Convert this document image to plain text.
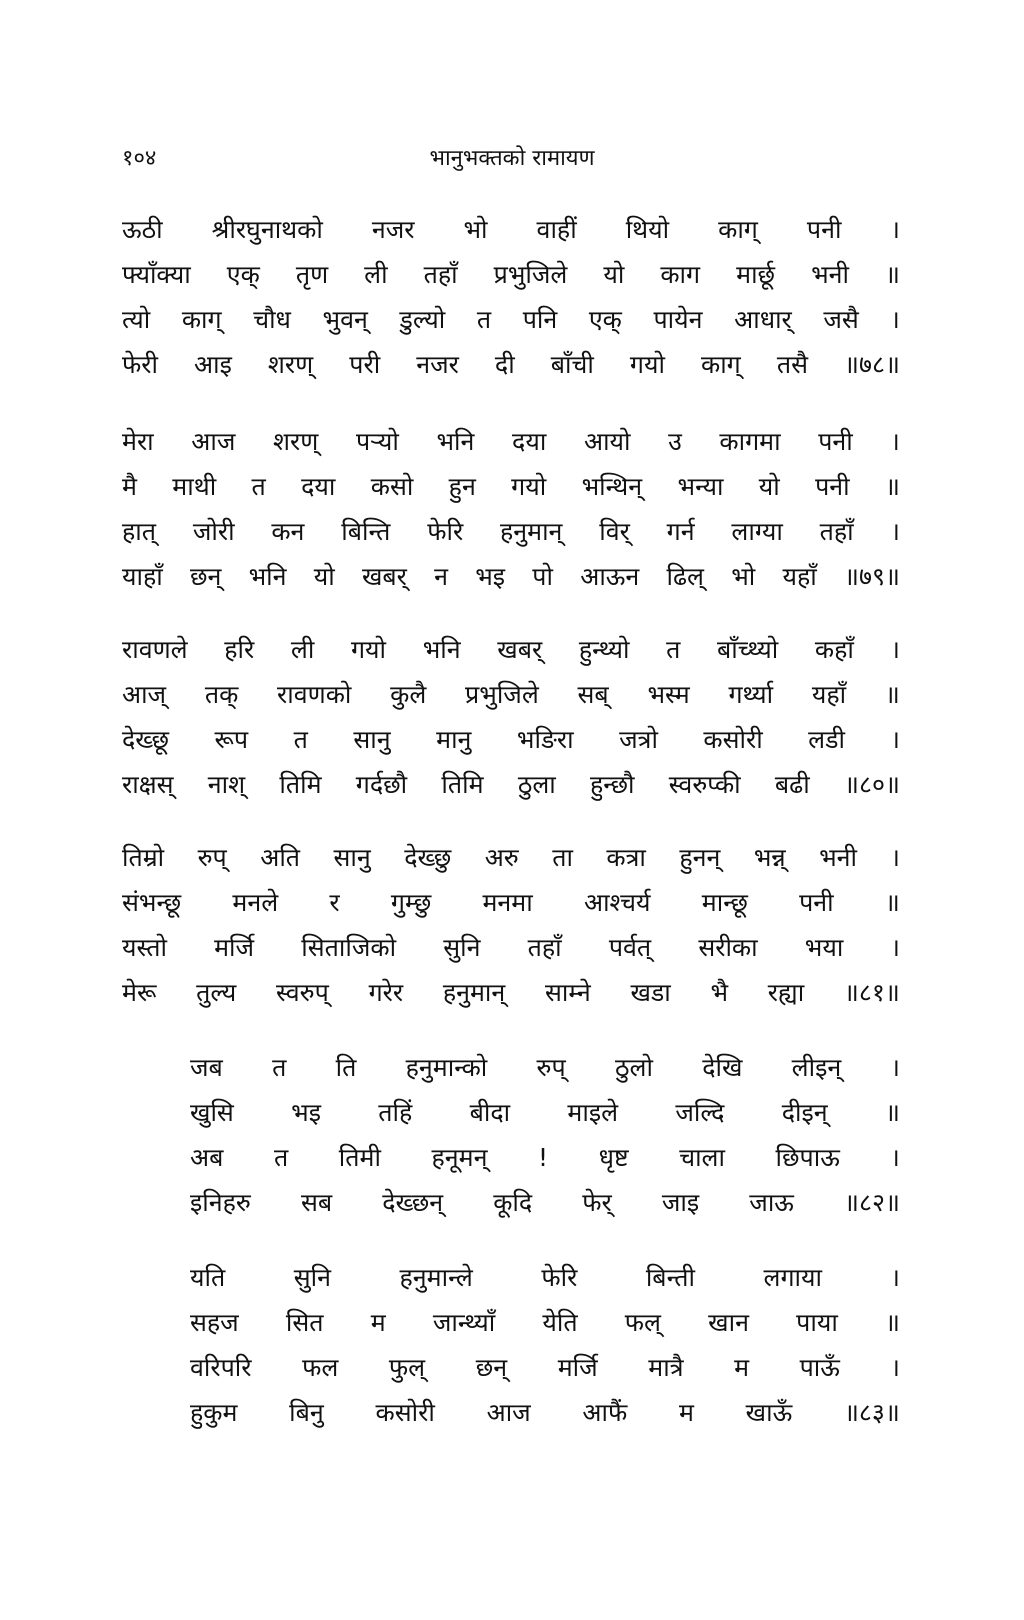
१०४	भानुभक्तको रामायण
ऊठी श्रीरघुनाथको नजर भो वाहीं थियो काग् पनी ।
फ्याँक्या एक् तृण ली तहाँ प्रभुजिले यो काग मार्छू भनी ॥
त्यो काग् चौध भुवन् डुल्यो त पनि एक् पायेन आधार् जसै ।
फेरी आइ शरण् परी नजर दी बाँची गयो काग् तसै ॥७८॥
मेरा आज शरण् पऱ्यो भनि दया आयो उ कागमा पनी ।
मै माथी त दया कसो हुन गयो भन्थिन् भन्या यो पनी ॥
हात् जोरी कन बिन्ति फेरि हनुमान् विर् गर्न लाग्या तहाँ ।
याहाँ छन् भनि यो खबर् न भइ पो आऊन ढिल् भो यहाँ ॥७९॥
रावणले हरि ली गयो भनि खबर् हुन्थ्यो त बाँच्थ्यो कहाँ ।
आज् तक् रावणको कुलै प्रभुजिले सब् भस्म गर्थ्या यहाँ ॥
देख्छू रूप त सानु मानु भङिरा जत्रो कसोरी लडी ।
राक्षस् नाश् तिमि गर्दछौ तिमि ठुला हुन्छौ स्वरुप्की बढी ॥८०॥
तिम्रो रुप् अति सानु देख्छु अरु ता कत्रा हुनन् भन्न् भनी ।
संभन्छू मनले र गुम्छु मनमा आश्चर्य मान्छू पनी ॥
यस्तो मर्जि सिताजिको सुनि तहाँ पर्वत् सरीका भया ।
मेरू तुल्य स्वरुप् गरेर हनुमान् साम्ने खडा भै रह्या ॥८१॥
जब त ति हनुमान्को रुप् ठुलो देखि लीइन् ।
खुसि भइ तहिं बीदा माइले जल्दि दीइन् ॥
अब त तिमी हनूमन् ! धृष्ट चाला छिपाऊ ।
इनिहरु सब देख्छन् कूदि फेर् जाइ जाऊ ॥८२॥
यति	सुनि	हनुमान्ले	फेरि	बिन्ती	लगाया	।
सहज सित म जान्थ्याँ येति फल् खान पाया ॥
वरिपरि फल फुल् छन् मर्जि मात्रै म पाऊँ ।
हुकुम बिनु कसोरी आज आफैं म खाऊँ ॥८३॥
